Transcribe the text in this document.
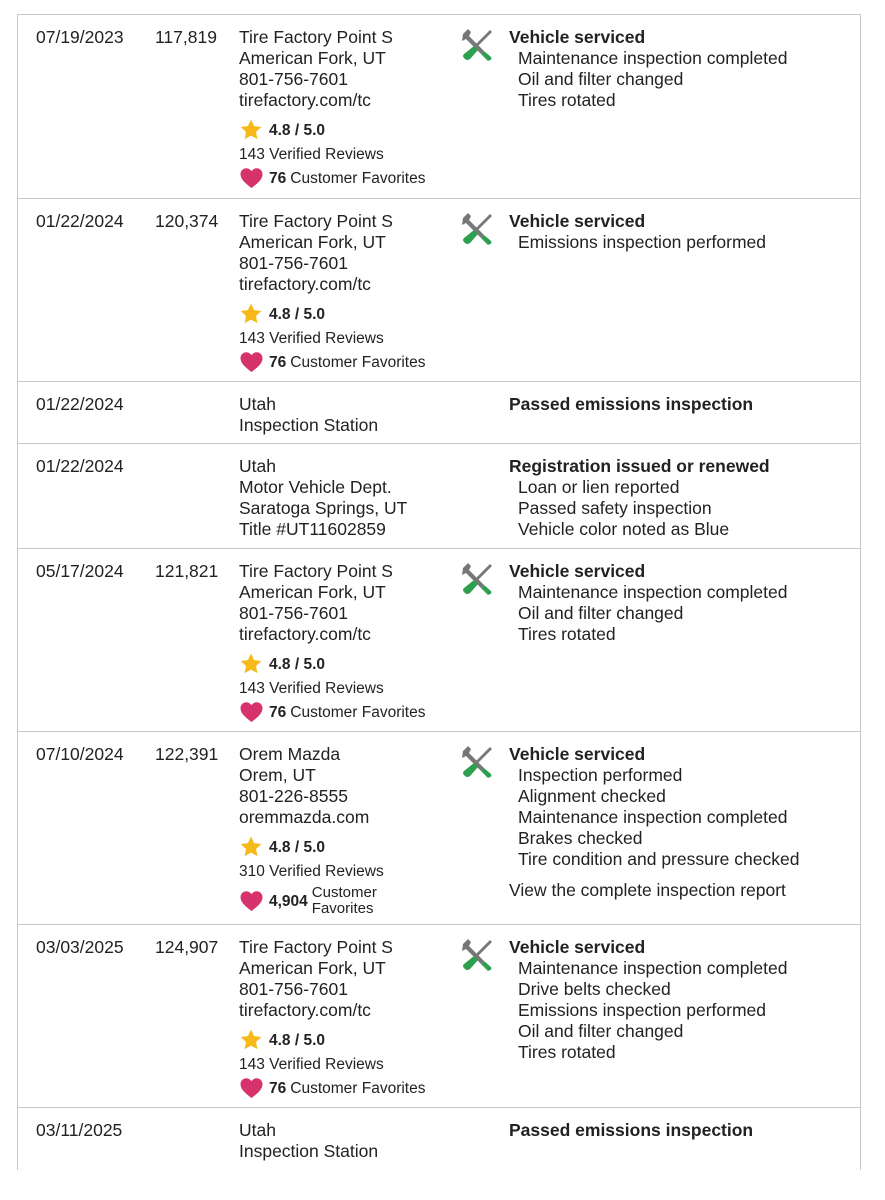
07/19/2023 117,819 Tire Factory Point S
American Fork, UT
801-756-7601
tirefactory.com/tc
4.8 / 5.0
143 Verified Reviews
76 Customer Favorites
Vehicle serviced
Maintenance inspection completed
Oil and filter changed
Tires rotated
01/22/2024 120,374 Tire Factory Point S
American Fork, UT
801-756-7601
tirefactory.com/tc
4.8 / 5.0
143 Verified Reviews
76 Customer Favorites
Vehicle serviced
Emissions inspection performed
01/22/2024	Utah
Inspection Station
Passed emissions inspection
01/22/2024	Utah
Motor Vehicle Dept.
Saratoga Springs, UT
Title #UT11602859
Registration issued or renewed
Loan or lien reported
Passed safety inspection
Vehicle color noted as Blue
05/17/2024 121,821 Tire Factory Point S
American Fork, UT
801-756-7601
tirefactory.com/tc
4.8 / 5.0
143 Verified Reviews
76 Customer Favorites
Vehicle serviced
Maintenance inspection completed
Oil and filter changed
Tires rotated
07/10/2024 122,391 Orem Mazda
Orem, UT
801-226-8555
oremmazda.com
4.8 / 5.0
310 Verified Reviews
4,904 Customer Favorites
Vehicle serviced
Inspection performed
Alignment checked
Maintenance inspection completed
Brakes checked
Tire condition and pressure checked
View the complete inspection report
03/03/2025 124,907 Tire Factory Point S
American Fork, UT
801-756-7601
tirefactory.com/tc
4.8 / 5.0
143 Verified Reviews
76 Customer Favorites
Vehicle serviced
Maintenance inspection completed
Drive belts checked
Emissions inspection performed
Oil and filter changed
Tires rotated
03/11/2025	Utah
Inspection Station
Passed emissions inspection
